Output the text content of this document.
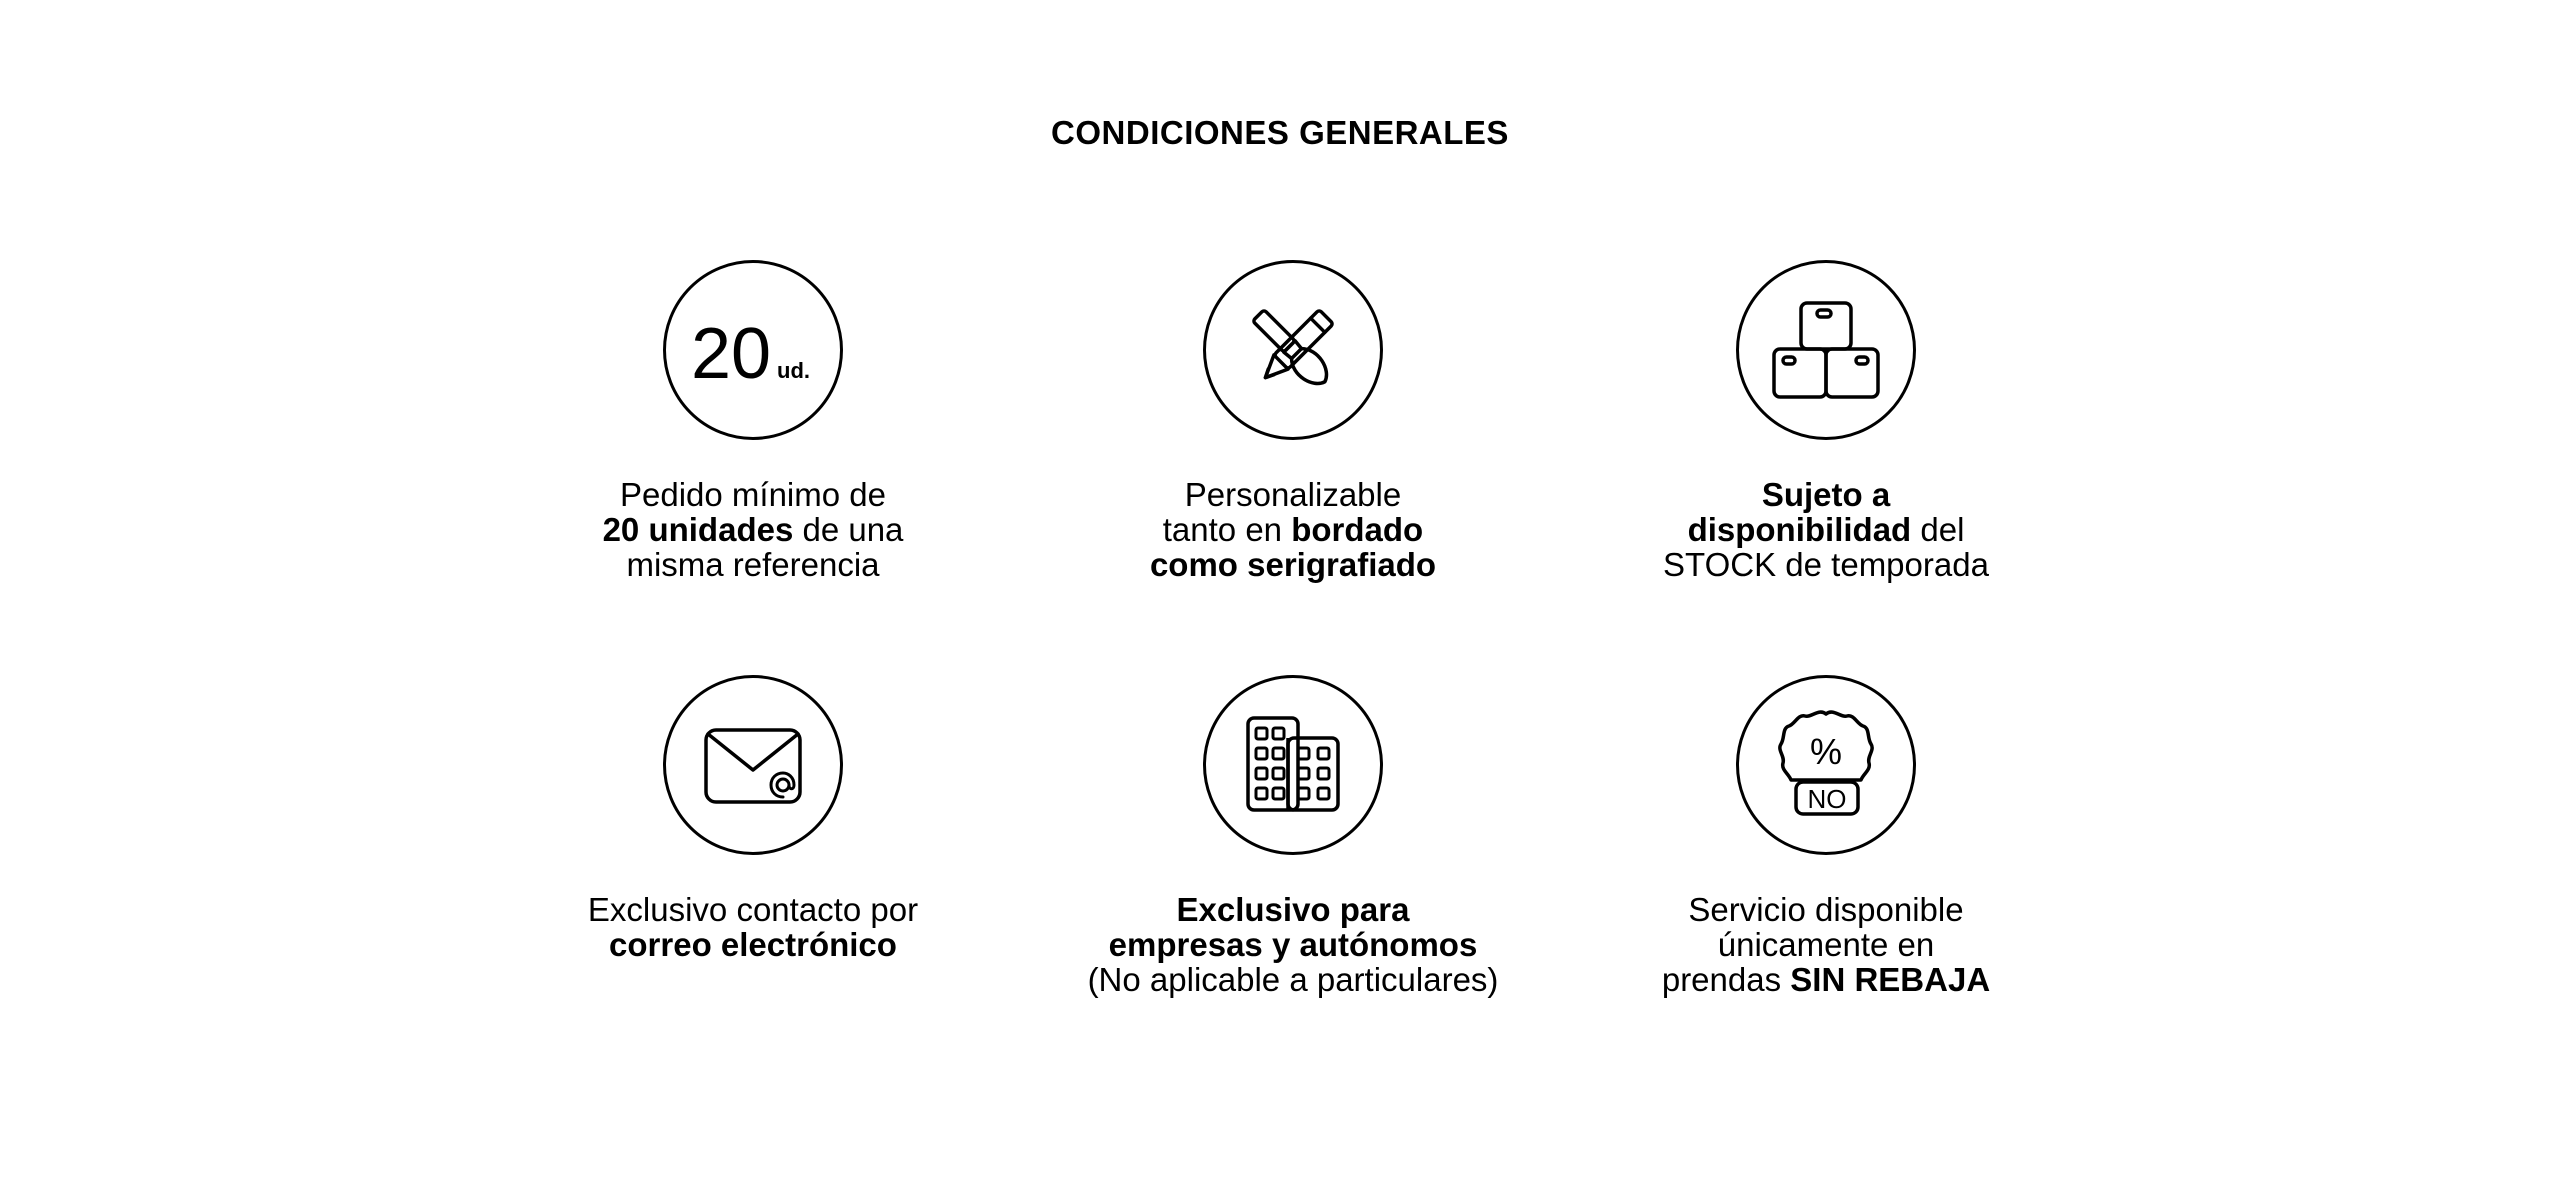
CONDICIONES GENERALES
20 ud.
Pedido mínimo de
20 unidades de una
misma referencia
Personalizable
tanto en bordado
como serigrafiado
Sujeto a
disponibilidad del
STOCK de temporada
Exclusivo contacto por
correo electrónico
Exclusivo para
empresas y autónomos
(No aplicable a particulares)
%
NO
Servicio disponible
únicamente en
prendas SIN REBAJA
